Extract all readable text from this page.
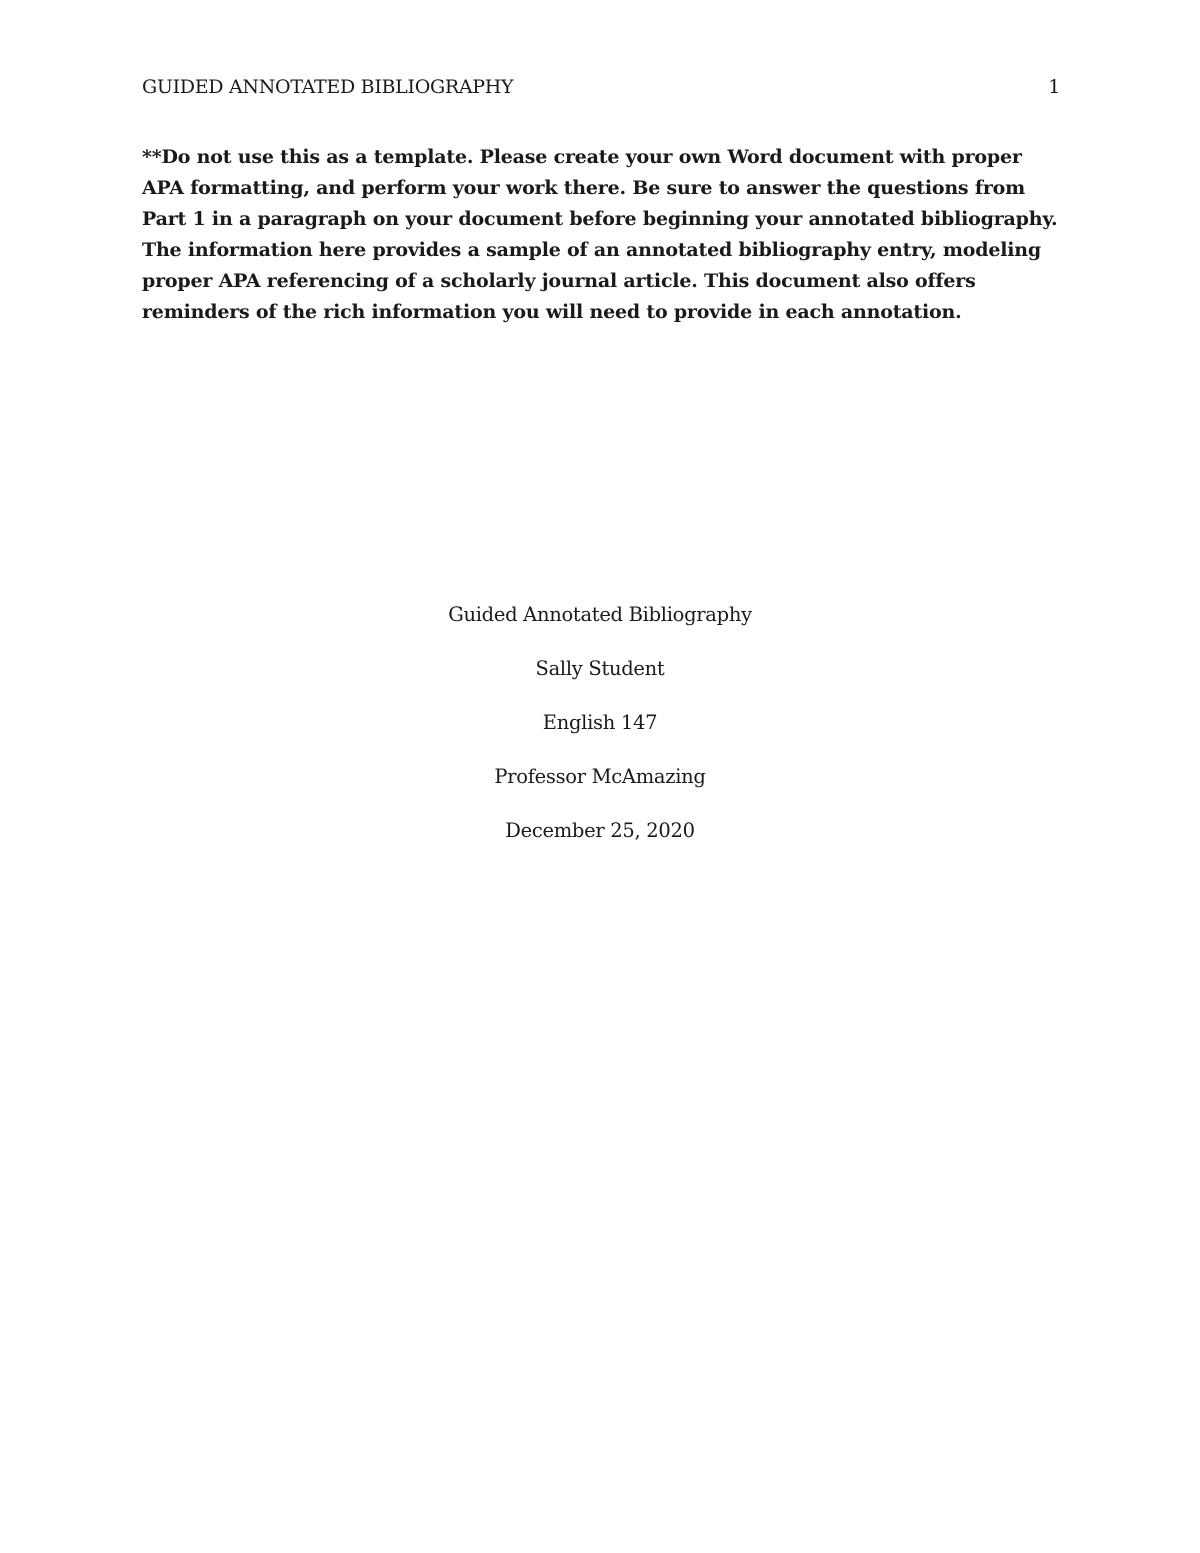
GUIDED ANNOTATED BIBLIOGRAPHY	1
**Do not use this as a template. Please create your own Word document with proper APA formatting, and perform your work there. Be sure to answer the questions from Part 1 in a paragraph on your document before beginning your annotated bibliography. The information here provides a sample of an annotated bibliography entry, modeling proper APA referencing of a scholarly journal article. This document also offers reminders of the rich information you will need to provide in each annotation.
Guided Annotated Bibliography
Sally Student
English 147
Professor McAmazing
December 25, 2020
